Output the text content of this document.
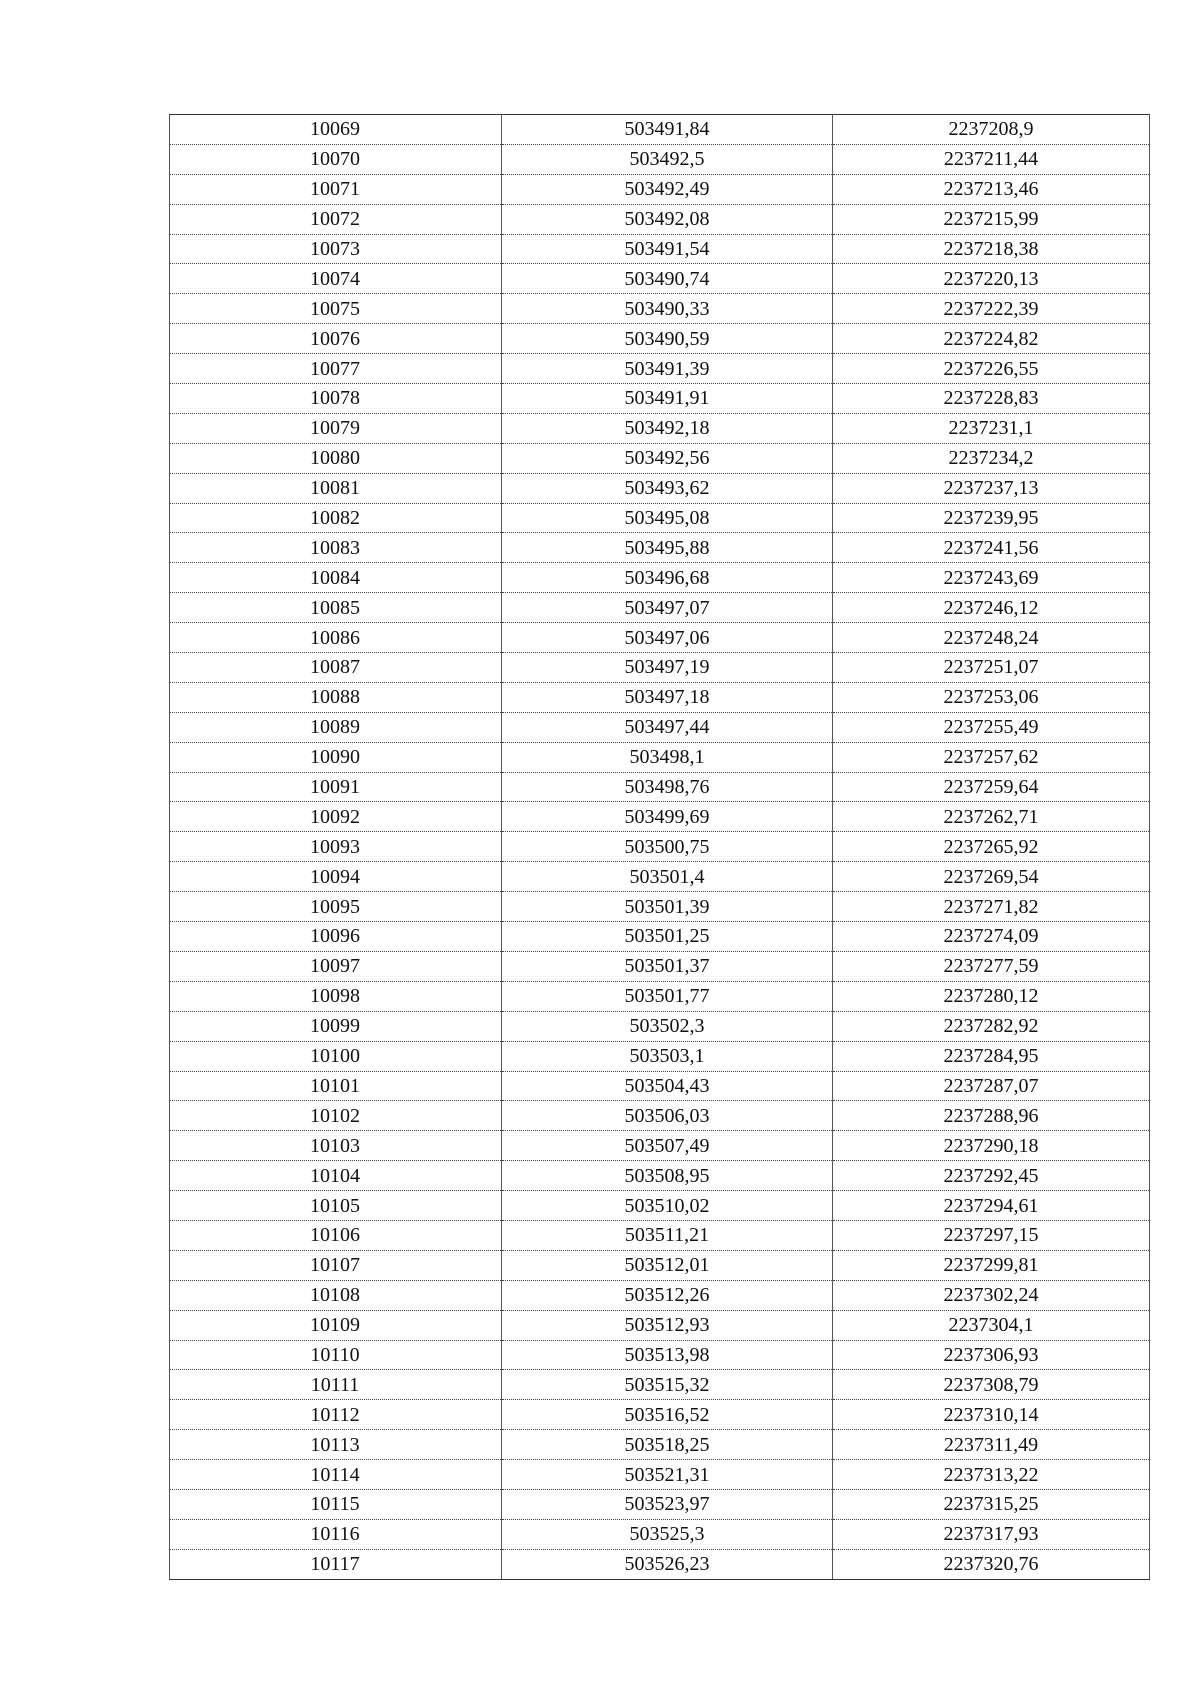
10069	503491,84	2237208,9
10070	503492,5	2237211,44
10071	503492,49	2237213,46
10072	503492,08	2237215,99
10073	503491,54	2237218,38
10074	503490,74	2237220,13
10075	503490,33	2237222,39
10076	503490,59	2237224,82
10077	503491,39	2237226,55
10078	503491,91	2237228,83
10079	503492,18	2237231,1
10080	503492,56	2237234,2
10081	503493,62	2237237,13
10082	503495,08	2237239,95
10083	503495,88	2237241,56
10084	503496,68	2237243,69
10085	503497,07	2237246,12
10086	503497,06	2237248,24
10087	503497,19	2237251,07
10088	503497,18	2237253,06
10089	503497,44	2237255,49
10090	503498,1	2237257,62
10091	503498,76	2237259,64
10092	503499,69	2237262,71
10093	503500,75	2237265,92
10094	503501,4	2237269,54
10095	503501,39	2237271,82
10096	503501,25	2237274,09
10097	503501,37	2237277,59
10098	503501,77	2237280,12
10099	503502,3	2237282,92
10100	503503,1	2237284,95
10101	503504,43	2237287,07
10102	503506,03	2237288,96
10103	503507,49	2237290,18
10104	503508,95	2237292,45
10105	503510,02	2237294,61
10106	503511,21	2237297,15
10107	503512,01	2237299,81
10108	503512,26	2237302,24
10109	503512,93	2237304,1
10110	503513,98	2237306,93
10111	503515,32	2237308,79
10112	503516,52	2237310,14
10113	503518,25	2237311,49
10114	503521,31	2237313,22
10115	503523,97	2237315,25
10116	503525,3	2237317,93
10117	503526,23	2237320,76
